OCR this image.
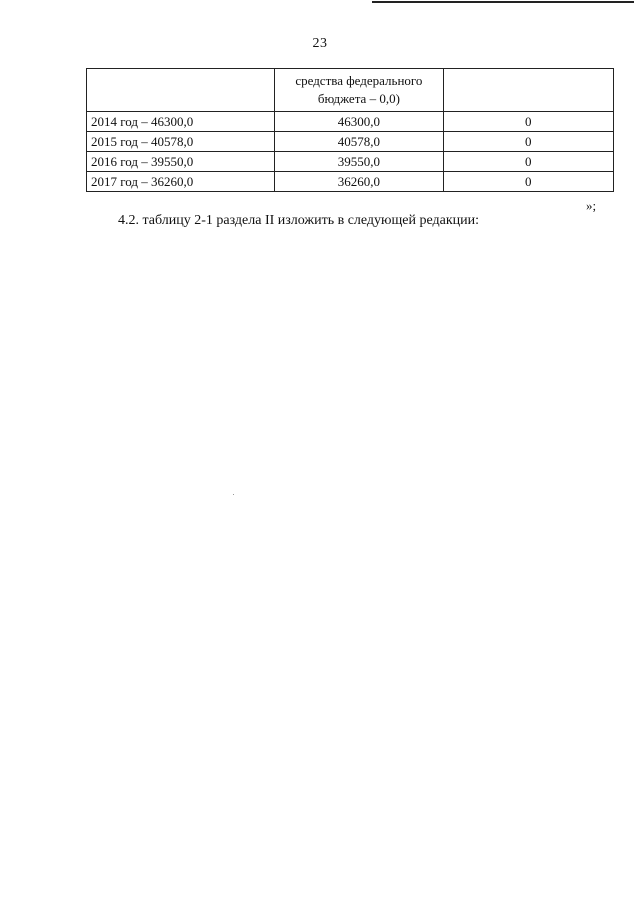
23
	средства федерального
бюджета – 0,0)	
2014 год – 46300,0	46300,0	0
2015 год – 40578,0	40578,0	0
2016 год – 39550,0	39550,0	0
2017 год – 36260,0	36260,0	0
»;
4.2. таблицу 2-1 раздела II изложить в следующей редакции:
